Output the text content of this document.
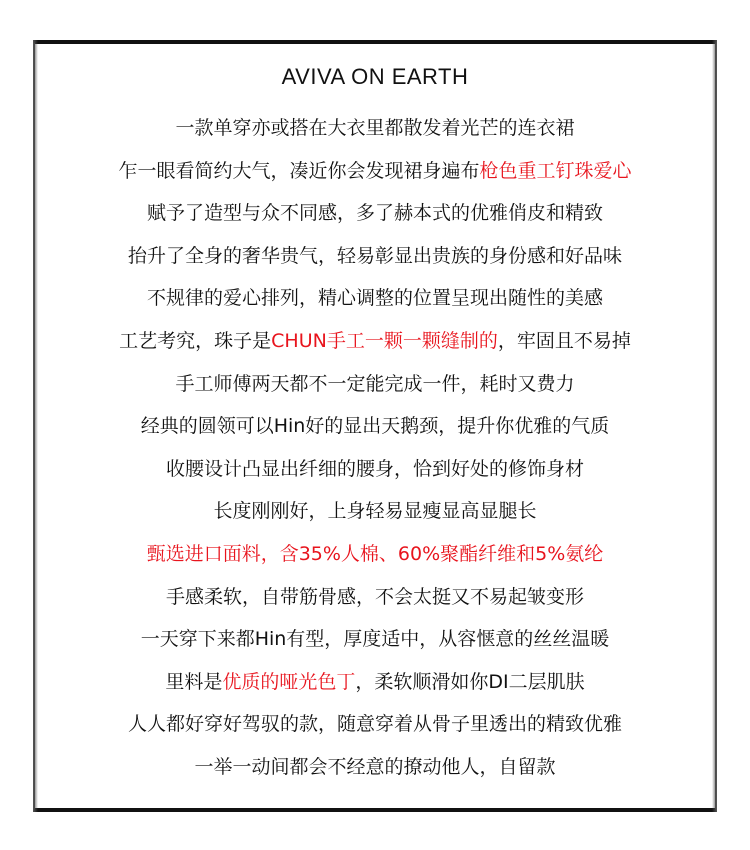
AVIVA ON EARTH
一款单穿亦或搭在大衣里都散发着光芒的连衣裙
乍一眼看简约大气，凑近你会发现裙身遍布枪色重工钉珠爱心
赋予了造型与众不同感，多了赫本式的优雅俏皮和精致
抬升了全身的奢华贵气，轻易彰显出贵族的身份感和好品味
不规律的爱心排列，精心调整的位置呈现出随性的美感
工艺考究，珠子是CHUN手工一颗一颗缝制的，牢固且不易掉
手工师傅两天都不一定能完成一件，耗时又费力
经典的圆领可以Hin好的显出天鹅颈，提升你优雅的气质
收腰设计凸显出纤细的腰身，恰到好处的修饰身材
长度刚刚好，上身轻易显瘦显高显腿长
甄选进口面料，含35%人棉、60%聚酯纤维和5%氨纶
手感柔软，自带筋骨感，不会太挺又不易起皱变形
一天穿下来都Hin有型，厚度适中，从容惬意的丝丝温暖
里料是优质的哑光色丁，柔软顺滑如你DI二层肌肤
人人都好穿好驾驭的款，随意穿着从骨子里透出的精致优雅
一举一动间都会不经意的撩动他人，自留款
